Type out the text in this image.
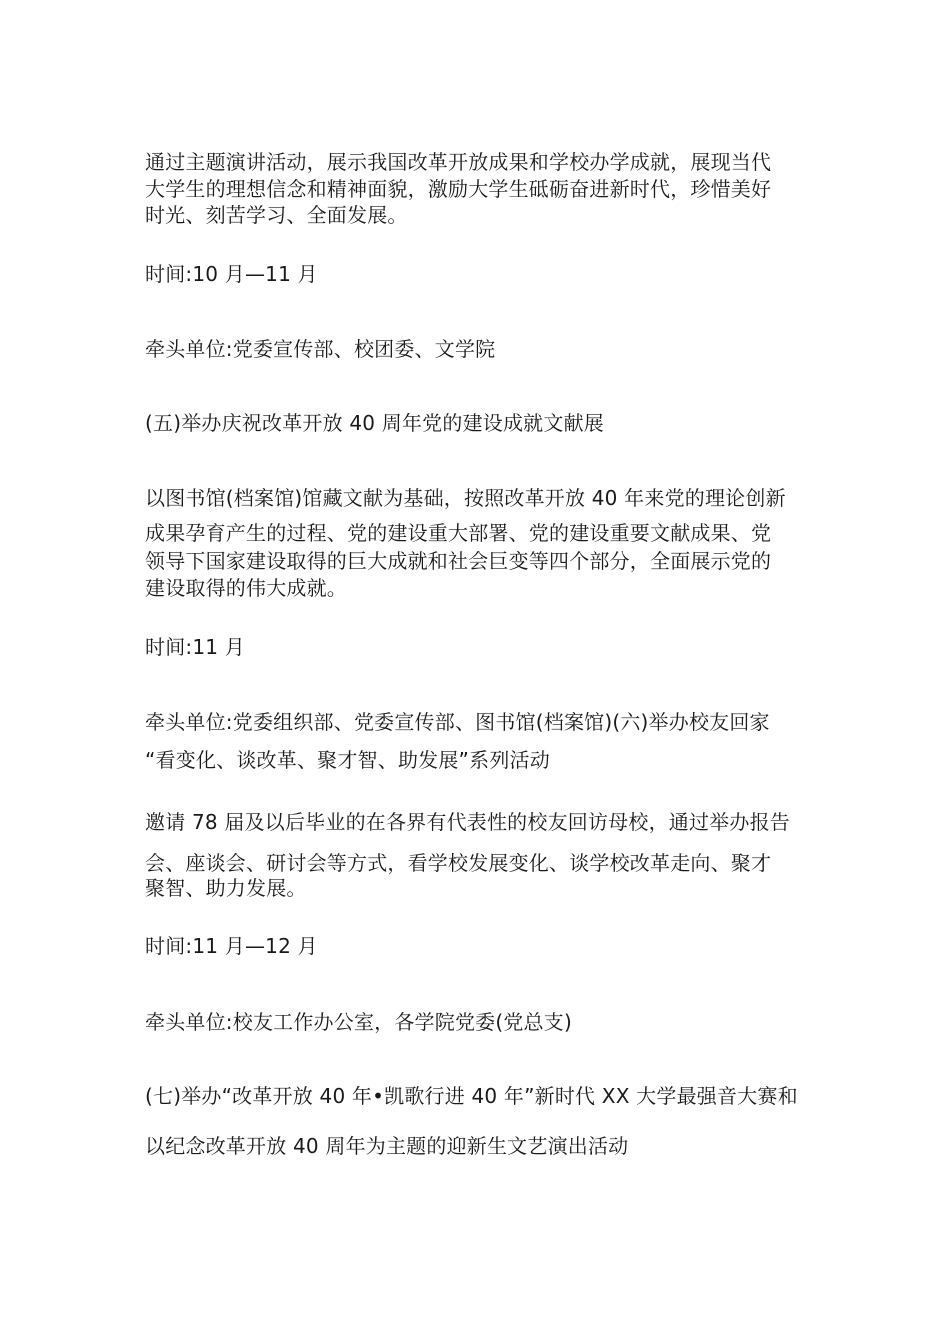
通过主题演讲活动，展示我国改革开放成果和学校办学成就，展现当代
大学生的理想信念和精神面貌，激励大学生砥砺奋进新时代，珍惜美好
时光、刻苦学习、全面发展。
时间:10 月—11 月
牵头单位:党委宣传部、校团委、文学院
(五)举办庆祝改革开放 40 周年党的建设成就文献展
以图书馆(档案馆)馆藏文献为基础，按照改革开放 40 年来党的理论创新
成果孕育产生的过程、党的建设重大部署、党的建设重要文献成果、党
领导下国家建设取得的巨大成就和社会巨变等四个部分，全面展示党的
建设取得的伟大成就。
时间:11 月
牵头单位:党委组织部、党委宣传部、图书馆(档案馆)(六)举办校友回家
“看变化、谈改革、聚才智、助发展”系列活动
邀请 78 届及以后毕业的在各界有代表性的校友回访母校，通过举办报告
会、座谈会、研讨会等方式，看学校发展变化、谈学校改革走向、聚才
聚智、助力发展。
时间:11 月—12 月
牵头单位:校友工作办公室，各学院党委(党总支)
(七)举办“改革开放 40 年•凯歌行进 40 年”新时代 XX 大学最强音大赛和
以纪念改革开放 40 周年为主题的迎新生文艺演出活动
